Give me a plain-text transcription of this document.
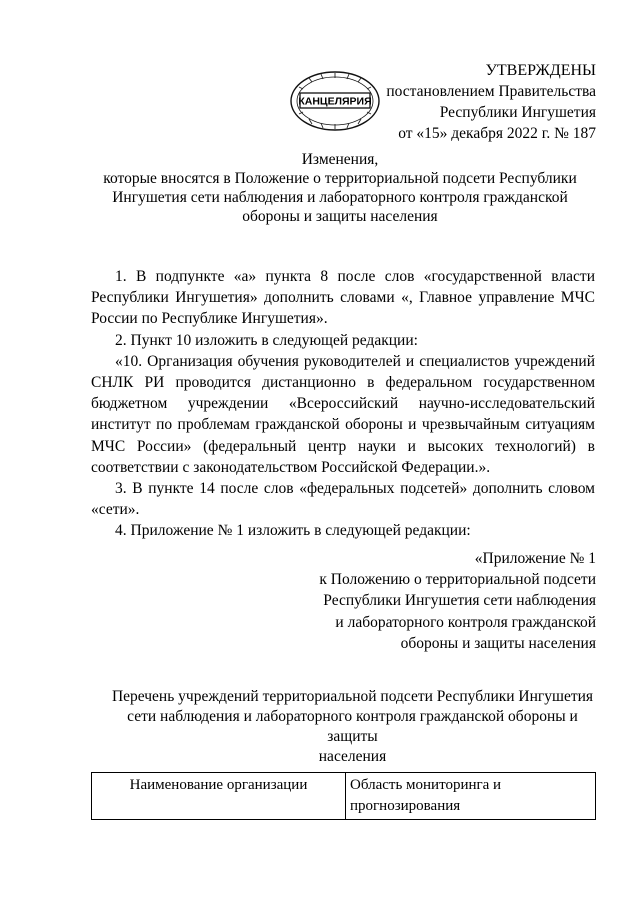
УТВЕРЖДЕНЫ
постановлением Правительства
Республики Ингушетия
от «15» декабря 2022 г. № 187
КАНЦЕЛЯРИЯ
Изменения,
которые вносятся в Положение о территориальной подсети Республики
Ингушетия сети наблюдения и лабораторного контроля гражданской
обороны и защиты населения

1. В подпункте «а» пункта 8 после слов «государственной власти Республики Ингушетия» дополнить словами «, Главное управление МЧС России по Республике Ингушетия».

2. Пункт 10 изложить в следующей редакции:

«10. Организация обучения руководителей и специалистов учреждений СНЛК РИ проводится дистанционно в федеральном государственном бюджетном учреждении «Всероссийский научно-исследовательский институт по проблемам гражданской обороны и чрезвычайным ситуациям МЧС России» (федеральный центр науки и высоких технологий) в соответствии с законодательством Российской Федерации.».

3. В пункте 14 после слов «федеральных подсетей» дополнить словом «сети».

4. Приложение № 1 изложить в следующей редакции:

«Приложение № 1
к Положению о территориальной подсети
Республики Ингушетия сети наблюдения
и лабораторного контроля гражданской
обороны и защиты населения
Перечень учреждений территориальной подсети Республики Ингушетия
сети наблюдения и лабораторного контроля гражданской обороны и
защиты
населения
Наименование организации	Область мониторинга и прогнозирования
